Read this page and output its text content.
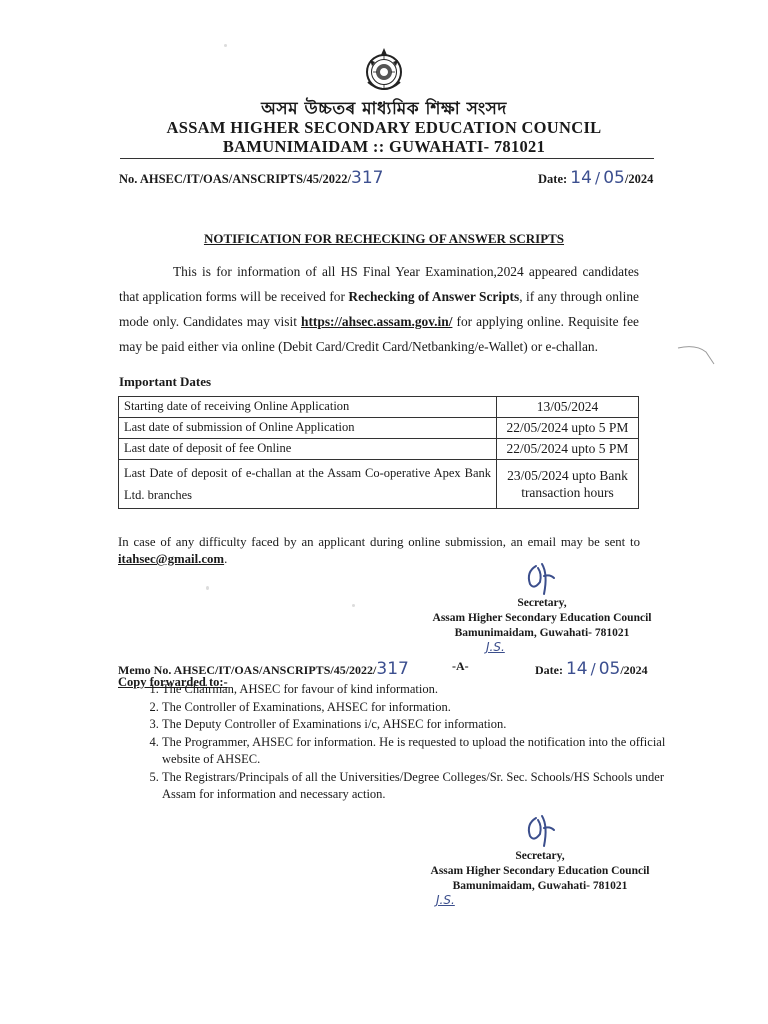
অসম উচ্চতৰ মাধ্যমিক শিক্ষা সংসদ
ASSAM HIGHER SECONDARY EDUCATION COUNCIL
BAMUNIMAIDAM :: GUWAHATI- 781021
No. AHSEC/IT/OAS/ANSCRIPTS/45/2022/317	Date: 14 / 05/2024
NOTIFICATION FOR RECHECKING OF ANSWER SCRIPTS
This is for information of all HS Final Year Examination,2024 appeared candidates that application forms will be received for Rechecking of Answer Scripts, if any through online mode only. Candidates may visit https://ahsec.assam.gov.in/ for applying online. Requisite fee may be paid either via online (Debit Card/Credit Card/Netbanking/e-Wallet) or e-challan.
Important Dates
Starting date of receiving Online Application	13/05/2024
Last date of submission of Online Application	22/05/2024 upto 5 PM
Last date of deposit of fee Online	22/05/2024 upto 5 PM
Last Date of deposit of e-challan at the Assam Co-operative Apex Bank Ltd. branches	23/05/2024 upto Bank transaction hours
In case of any difficulty faced by an applicant during online submission, an email may be sent to itahsec@gmail.com.
Secretary,
Assam Higher Secondary Education Council
Bamunimaidam, Guwahati- 781021
J.S.
Memo No. AHSEC/IT/OAS/ANSCRIPTS/45/2022/317	-A-	Date: 14 / 05/2024
Copy forwarded to:-
1. The Chairman, AHSEC for favour of kind information.
2. The Controller of Examinations, AHSEC for information.
3. The Deputy Controller of Examinations i/c, AHSEC for information.
4. The Programmer, AHSEC for information. He is requested to upload the notification into the official website of AHSEC.
5. The Registrars/Principals of all the Universities/Degree Colleges/Sr. Sec. Schools/HS Schools under Assam for information and necessary action.
Secretary,
Assam Higher Secondary Education Council
Bamunimaidam, Guwahati- 781021
J.S.
